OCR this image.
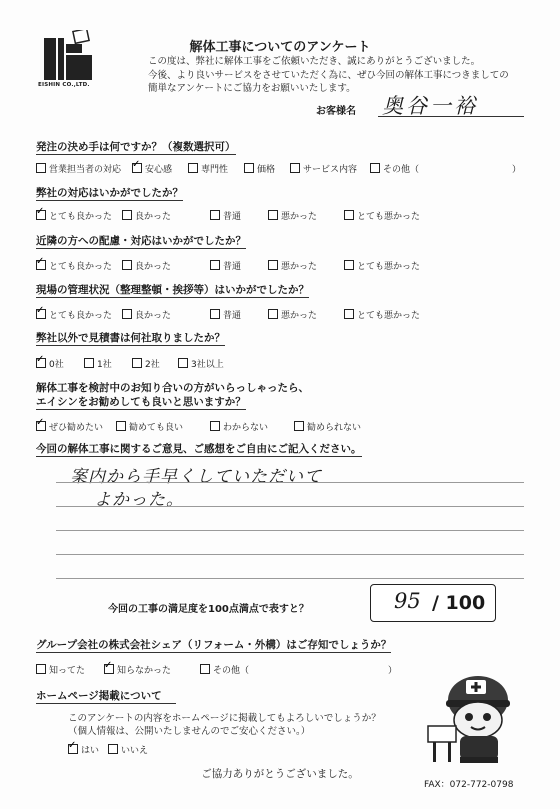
EISHIN CO.,LTD.
解体工事についてのアンケート
この度は、弊社に解体工事をご依頼いただき、誠にありがとうございました。
今後、より良いサービスをさせていただく為に、ぜひ今回の解体工事につきましての
簡単なアンケートにご協力をお願いいたします。
お客様名 奥谷一裕
発注の決め手は何ですか？（複数選択可）
営業担当者の対応 ✓	安心感	専門性	価格	サービス内容	その他（	）
弊社の対応はいかがでしたか？
✓とても良かった	良かった	普通	悪かった	とても悪かった
近隣の方への配慮・対応はいかがでしたか？
✓とても良かった	良かった	普通	悪かった	とても悪かった
現場の管理状況（整理整頓・挨拶等）はいかがでしたか？
✓とても良かった	良かった	普通	悪かった	とても悪かった
弊社以外で見積書は何社取りましたか？
✓0社	1社	2社	3社以上
解体工事を検討中のお知り合いの方がいらっしゃったら、
エイシンをお勧めしても良いと思いますか？
✓ぜひ勧めたい	勧めても良い	わからない	勧められない
今回の解体工事に関するご意見、ご感想をご自由にご記入ください。
案内から手早くしていただいて
よかった。
今回の工事の満足度を100点満点で表すと？	95 / 100
グループ会社の株式会社シェア（リフォーム・外構）はご存知でしょうか？
知ってた ✓	知らなかった	その他（	）
ホームページ掲載について
このアンケートの内容をホームページに掲載してもよろしいでしょうか？
（個人情報は、公開いたしませんのでご安心ください。）
✓はい	いいえ
ご協力ありがとうございました。
FAX：072-772-0798
